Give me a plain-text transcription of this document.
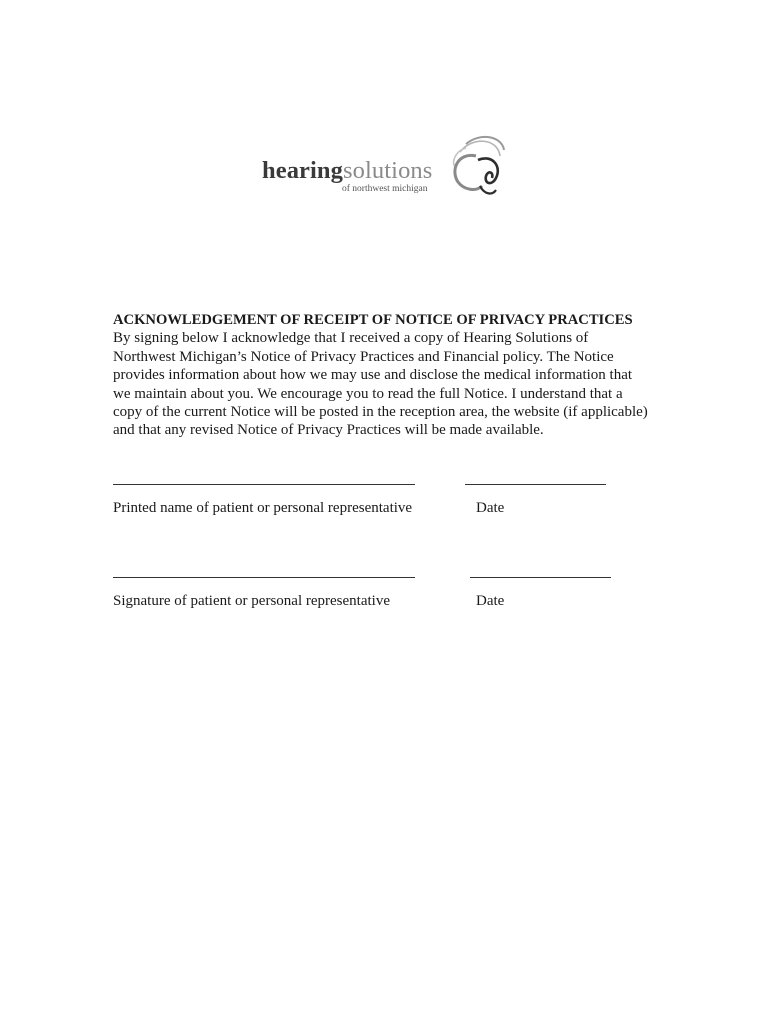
hearingsolutions
of northwest michigan

ACKNOWLEDGEMENT OF RECEIPT OF NOTICE OF PRIVACY PRACTICES

By signing below I acknowledge that I received a copy of Hearing Solutions of
Northwest Michigan’s Notice of Privacy Practices and Financial policy. The Notice
provides information about how we may use and disclose the medical information that
we maintain about you. We encourage you to read the full Notice. I understand that a
copy of the current Notice will be posted in the reception area, the website (if applicable)
and that any revised Notice of Privacy Practices will be made available.

Printed name of patient or personal representative	Date
Signature of patient or personal representative	Date
